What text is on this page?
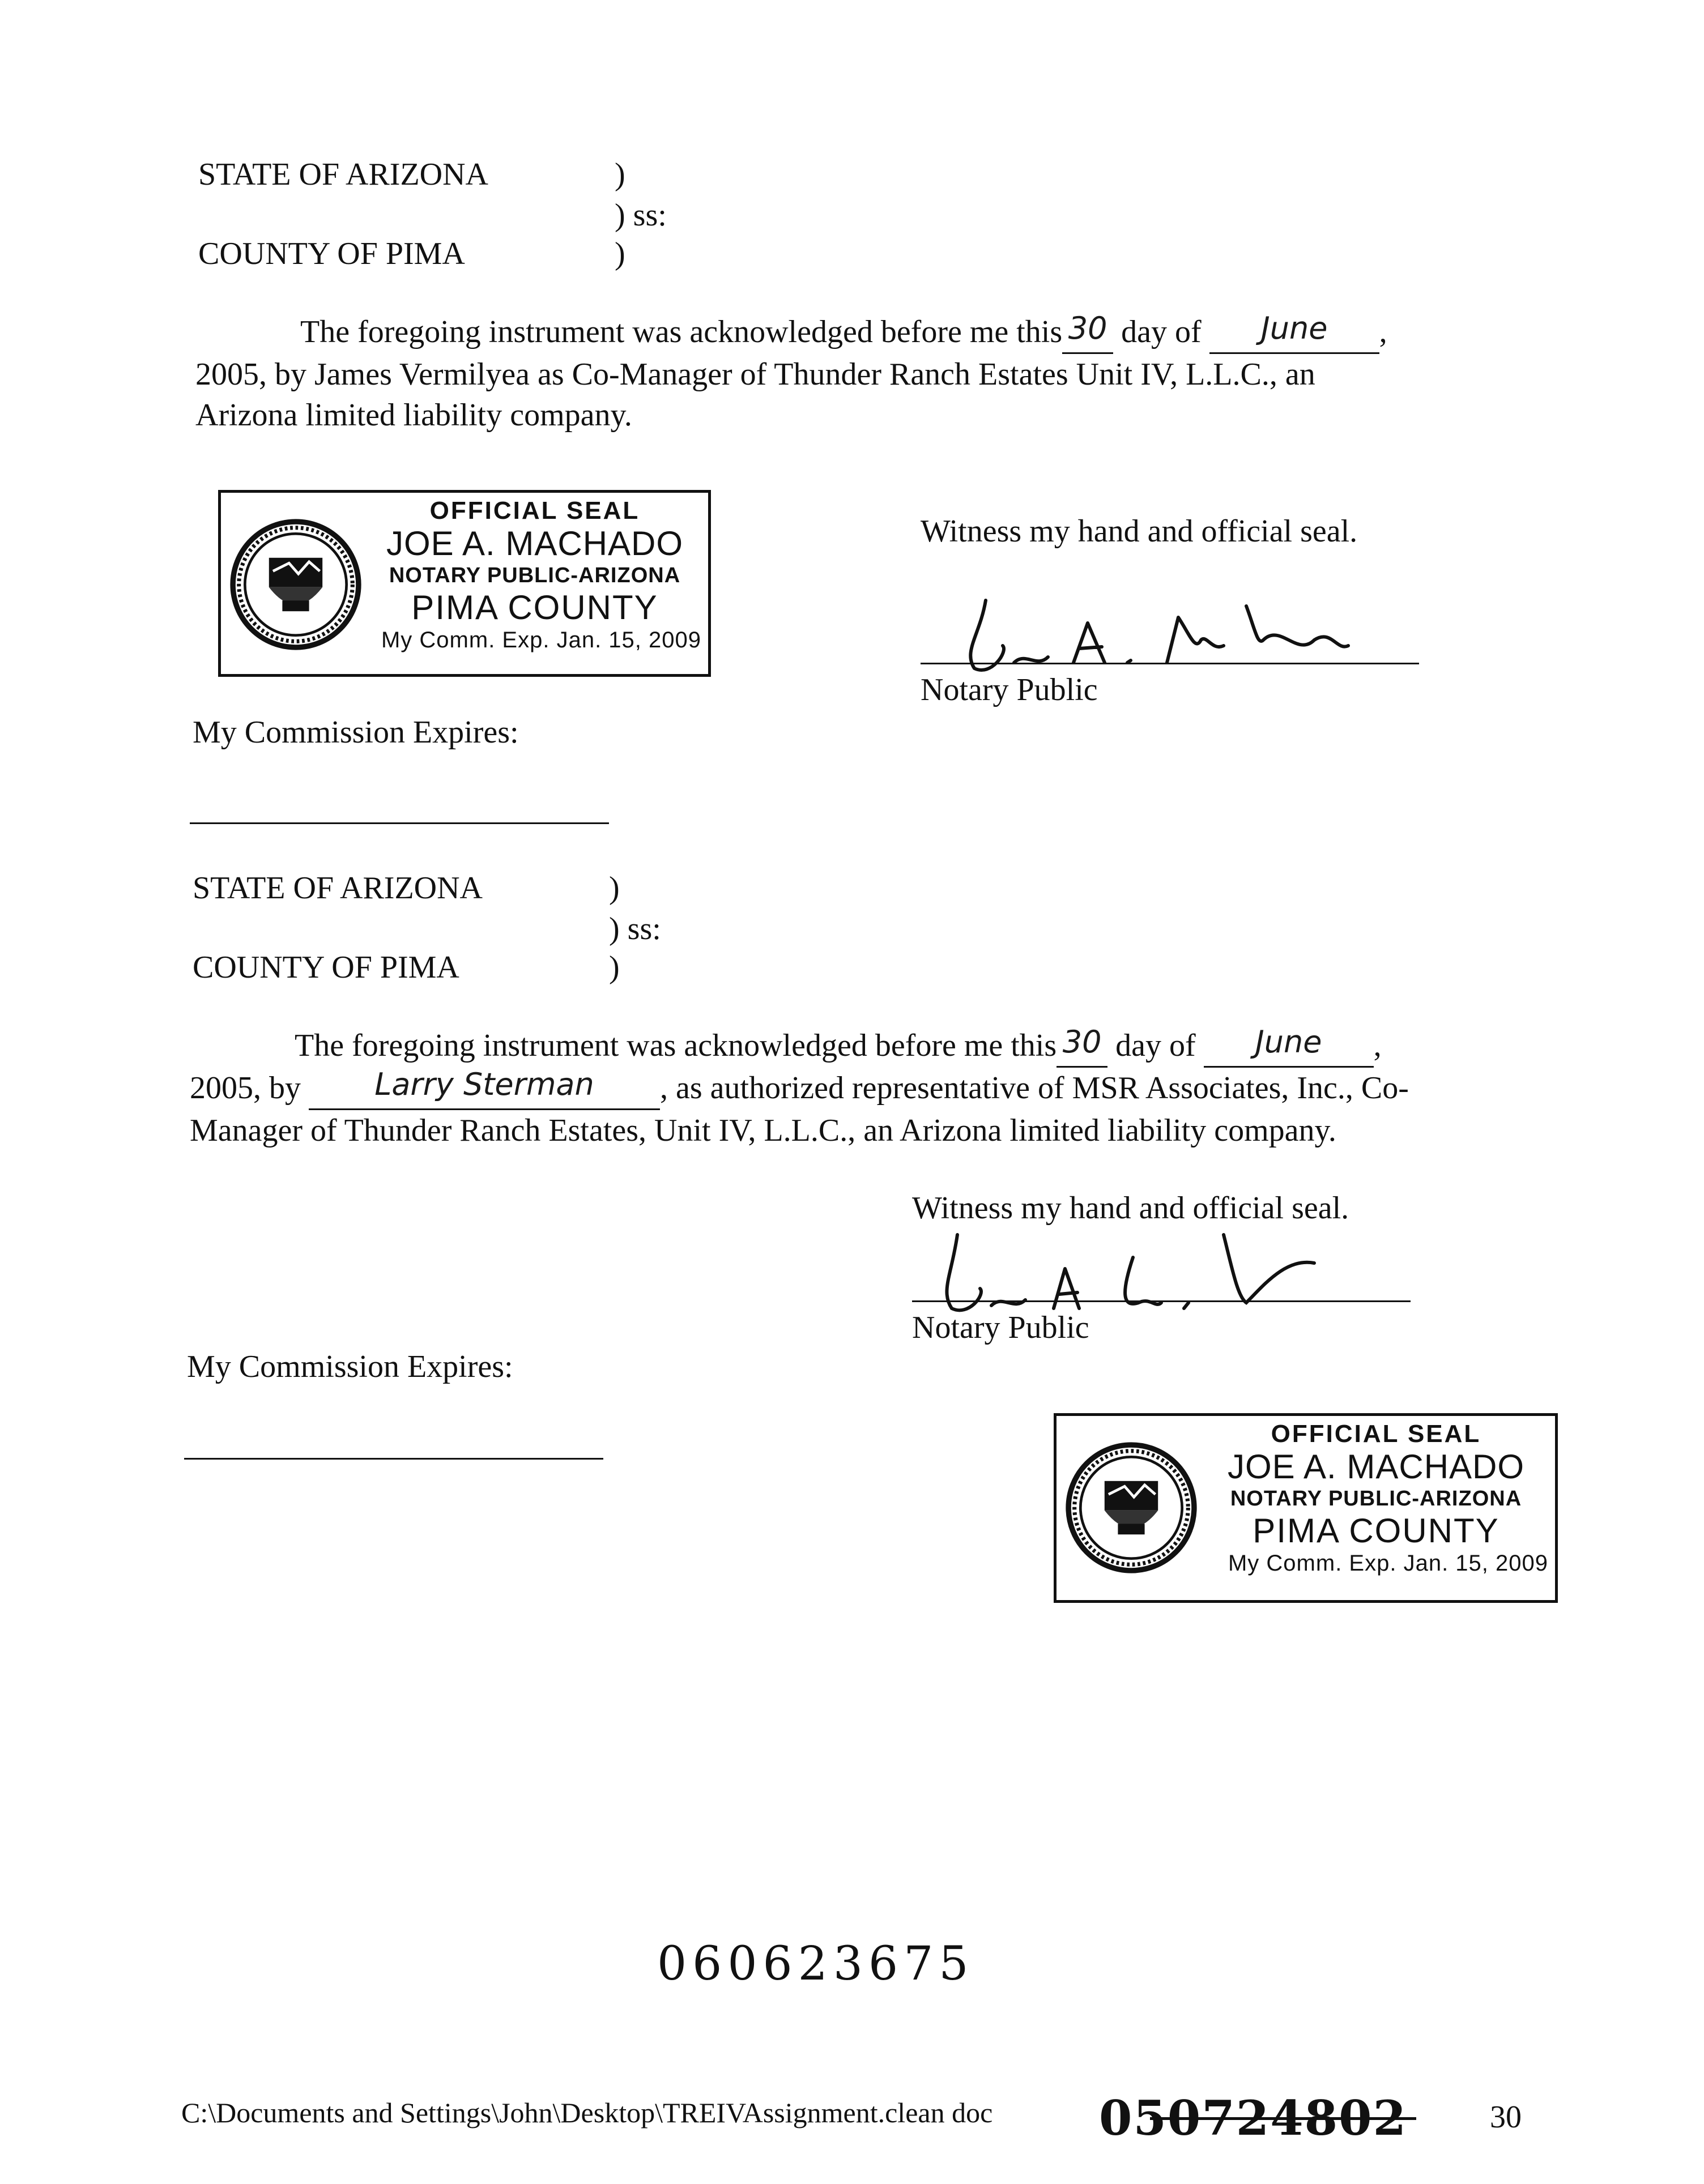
STATE OF ARIZONA	)
) ss:
COUNTY OF PIMA	)
The foregoing instrument was acknowledged before me this 30 day of June ,
2005, by James Vermilyea as Co-Manager of Thunder Ranch Estates Unit IV, L.L.C., an
Arizona limited liability company.
OFFICIAL SEAL
JOE A. MACHADO
NOTARY PUBLIC-ARIZONA
PIMA COUNTY
My Comm. Exp. Jan. 15, 2009
Witness my hand and official seal.
Notary Public
My Commission Expires:
STATE OF ARIZONA	)
) ss:
COUNTY OF PIMA	)
The foregoing instrument was acknowledged before me this 30 day of June ,
2005, by Larry Sterman , as authorized representative of MSR Associates, Inc., Co-
Manager of Thunder Ranch Estates, Unit IV, L.L.C., an Arizona limited liability company.
Witness my hand and official seal.
Notary Public
My Commission Expires:
OFFICIAL SEAL
JOE A. MACHADO
NOTARY PUBLIC-ARIZONA
PIMA COUNTY
My Comm. Exp. Jan. 15, 2009
060623675
C:\Documents and Settings\John\Desktop\TREIVAssignment.clean doc 050724802	30
